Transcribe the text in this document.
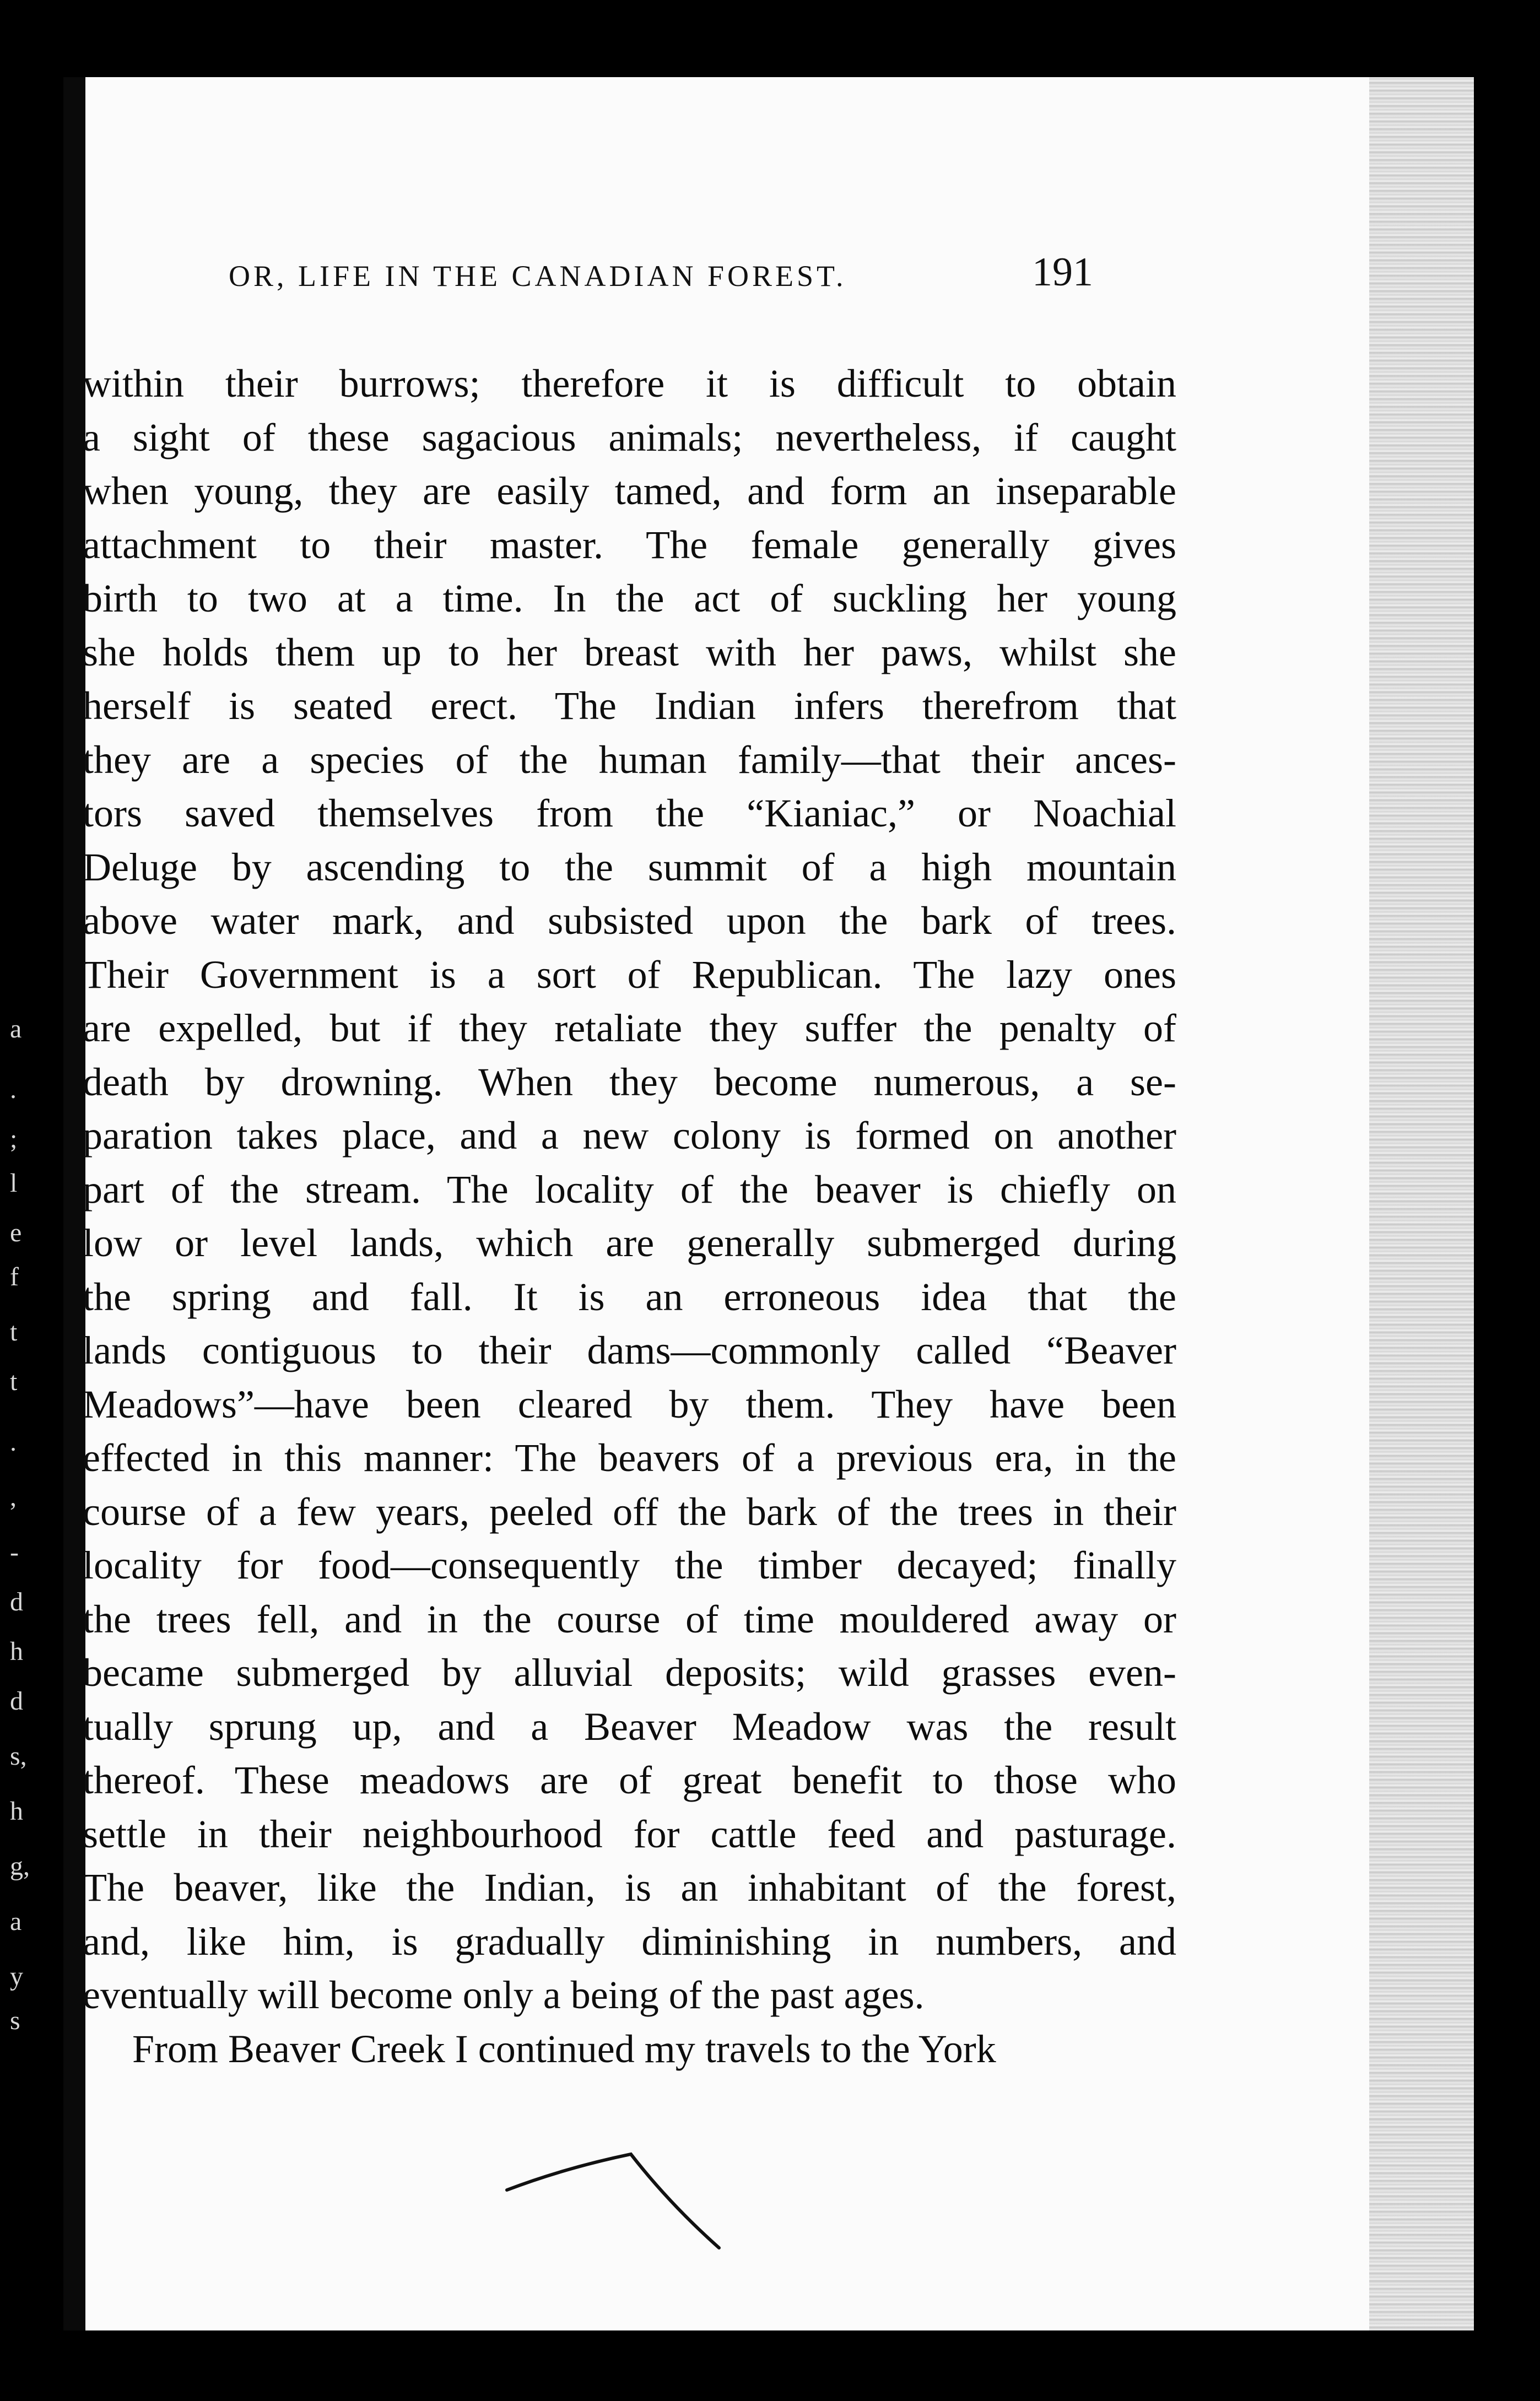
OR, LIFE IN THE CANADIAN FOREST.	191
within their burrows; therefore it is difficult to obtain
a sight of these sagacious animals; nevertheless, if caught
when young, they are easily tamed, and form an inseparable
attachment to their master. The female generally gives
birth to two at a time. In the act of suckling her young
she holds them up to her breast with her paws, whilst she
herself is seated erect. The Indian infers therefrom that
they are a species of the human family—that their ances-
tors saved themselves from the “Kianiac,” or Noachial
Deluge by ascending to the summit of a high mountain
above water mark, and subsisted upon the bark of trees.
Their Government is a sort of Republican. The lazy ones
are expelled, but if they retaliate they suffer the penalty of
death by drowning. When they become numerous, a se-
paration takes place, and a new colony is formed on another
part of the stream. The locality of the beaver is chiefly on
low or level lands, which are generally submerged during
the spring and fall. It is an erroneous idea that the
lands contiguous to their dams—commonly called “Beaver
Meadows”—have been cleared by them. They have been
effected in this manner: The beavers of a previous era, in the
course of a few years, peeled off the bark of the trees in their
locality for food—consequently the timber decayed; finally
the trees fell, and in the course of time mouldered away or
became submerged by alluvial deposits; wild grasses even-
tually sprung up, and a Beaver Meadow was the result
thereof. These meadows are of great benefit to those who
settle in their neighbourhood for cattle feed and pasturage.
The beaver, like the Indian, is an inhabitant of the forest,
and, like him, is gradually diminishing in numbers, and
eventually will become only a being of the past ages.
From Beaver Creek I continued my travels to the York
a
.
;
l
e
f
t
t
.
,
-
d
h
d
s,
h
g,
a
y
s
